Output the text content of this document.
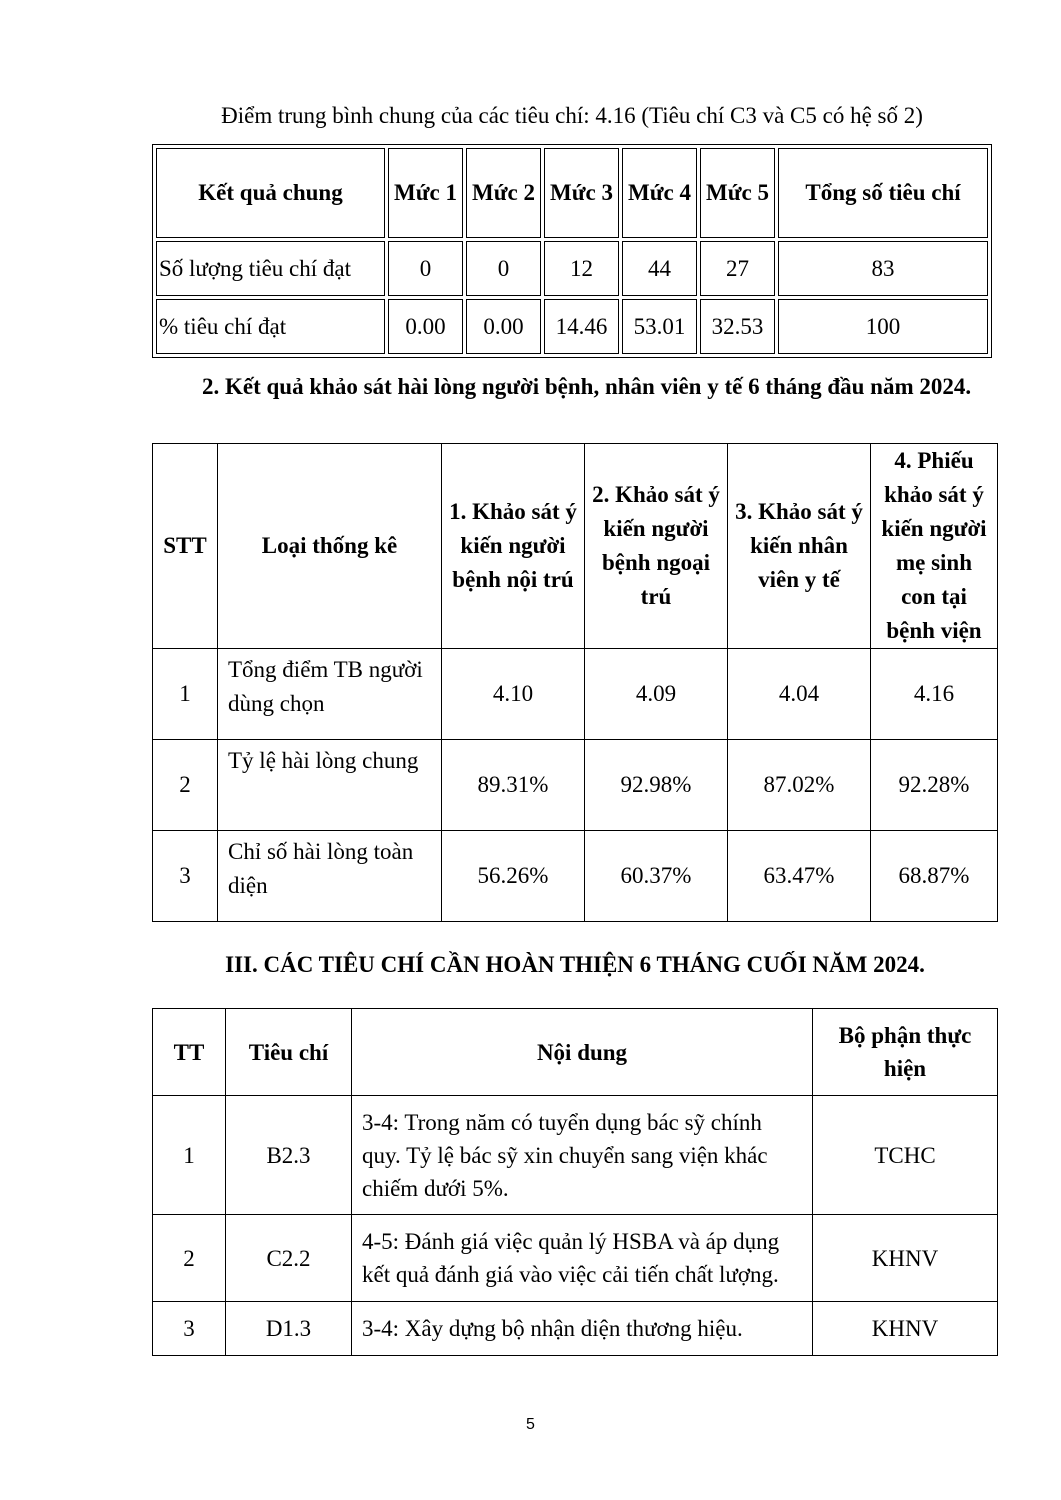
Điểm trung bình chung của các tiêu chí: 4.16 (Tiêu chí C3 và C5 có hệ số 2)
Kết quả chung	Mức 1	Mức 2	Mức 3	Mức 4	Mức 5	Tổng số tiêu chí
Số lượng tiêu chí đạt	0	0	12	44	27	83
% tiêu chí đạt	0.00	0.00	14.46	53.01	32.53	100
2. Kết quả khảo sát hài lòng người bệnh, nhân viên y tế 6 tháng đầu năm 2024.
STT	Loại thống kê	1. Khảo sát ý kiến người bệnh nội trú	2. Khảo sát ý kiến người bệnh ngoại trú	3. Khảo sát ý kiến nhân viên y tế	4. Phiếu khảo sát ý kiến người mẹ sinh con tại bệnh viện
1	Tổng điểm TB người dùng chọn	4.10	4.09	4.04	4.16
2	Tỷ lệ hài lòng chung	89.31%	92.98%	87.02%	92.28%
3	Chỉ số hài lòng toàn diện	56.26%	60.37%	63.47%	68.87%
III. CÁC TIÊU CHÍ CẦN HOÀN THIỆN 6 THÁNG CUỐI NĂM 2024.
TT	Tiêu chí	Nội dung	Bộ phận thực hiện
1	B2.3	3-4: Trong năm có tuyển dụng bác sỹ chính quy. Tỷ lệ bác sỹ xin chuyển sang viện khác chiếm dưới 5%.	TCHC
2	C2.2	4-5: Đánh giá việc quản lý HSBA và áp dụng kết quả đánh giá vào việc cải tiến chất lượng.	KHNV
3	D1.3	3-4: Xây dựng bộ nhận diện thương hiệu.	KHNV
5
